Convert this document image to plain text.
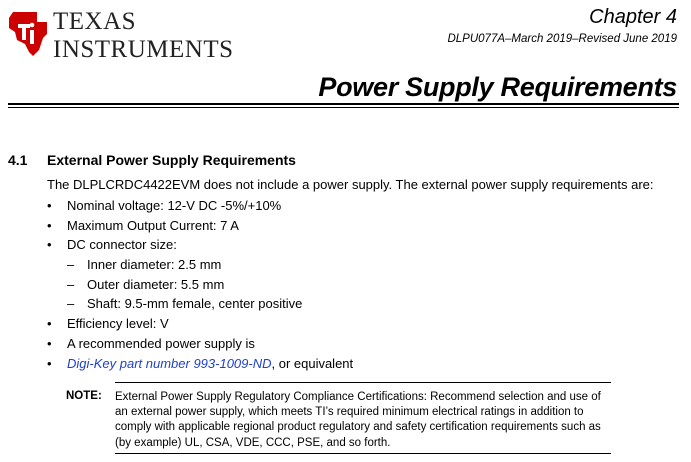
TEXAS
INSTRUMENTS
Chapter 4
DLPU077A–March 2019–Revised June 2019
Power Supply Requirements
4.1 External Power Supply Requirements
The DLPLCRDC4422EVM does not include a power supply. The external power supply requirements are:
• Nominal voltage: 12-V DC -5%/+10%
• Maximum Output Current: 7 A
• DC connector size:
– Inner diameter: 2.5 mm
– Outer diameter: 5.5 mm
– Shaft: 9.5-mm female, center positive
• Efficiency level: V
• A recommended power supply is
• Digi-Key part number 993-1009-ND, or equivalent
NOTE: External Power Supply Regulatory Compliance Certifications: Recommend selection and use of an external power supply, which meets TI’s required minimum electrical ratings in addition to comply with applicable regional product regulatory and safety certification requirements such as (by example) UL, CSA, VDE, CCC, PSE, and so forth.
